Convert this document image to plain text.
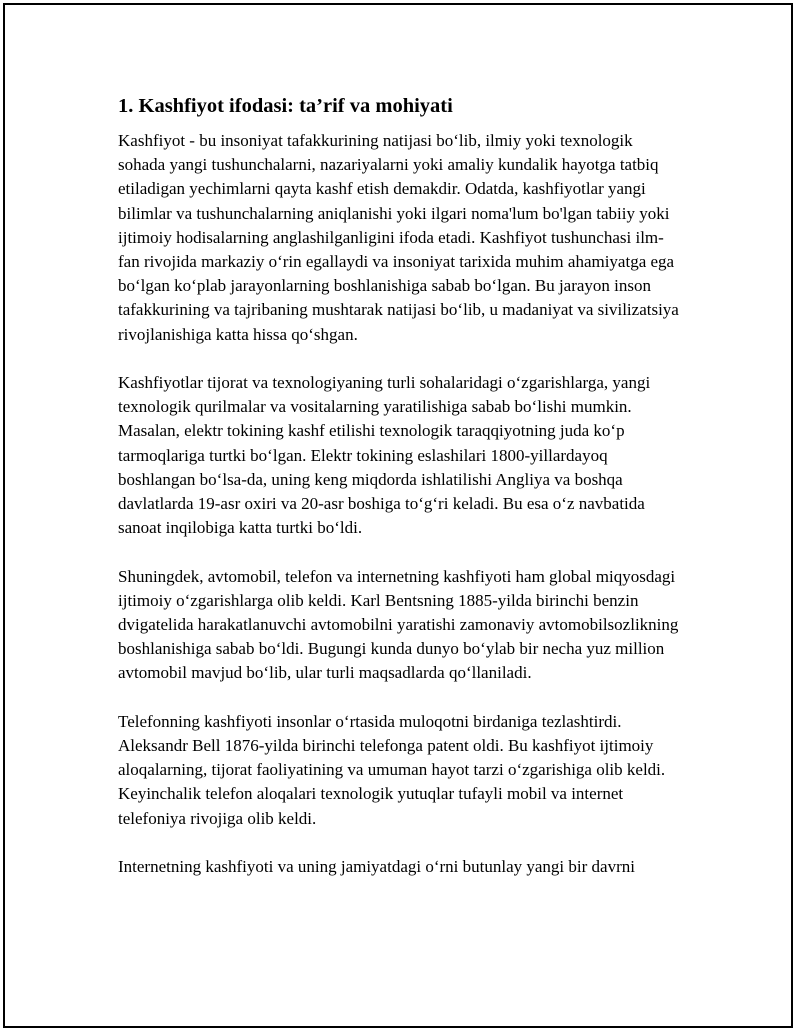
1. Kashfiyot ifodasi: ta’rif va mohiyati

Kashfiyot - bu insoniyat tafakkurining natijasi bo‘lib, ilmiy yoki texnologik sohada yangi tushunchalarni, nazariyalarni yoki amaliy kundalik hayotga tatbiq etiladigan yechimlarni qayta kashf etish demakdir. Odatda, kashfiyotlar yangi bilimlar va tushunchalarning aniqlanishi yoki ilgari noma'lum bo'lgan tabiiy yoki ijtimoiy hodisalarning anglashilganligini ifoda etadi. Kashfiyot tushunchasi ilm-fan rivojida markaziy o‘rin egallaydi va insoniyat tarixida muhim ahamiyatga ega bo‘lgan ko‘plab jarayonlarning boshlanishiga sabab bo‘lgan. Bu jarayon inson tafakkurining va tajribaning mushtarak natijasi bo‘lib, u madaniyat va sivilizatsiya rivojlanishiga katta hissa qo‘shgan.

Kashfiyotlar tijorat va texnologiyaning turli sohalaridagi o‘zgarishlarga, yangi texnologik qurilmalar va vositalarning yaratilishiga sabab bo‘lishi mumkin. Masalan, elektr tokining kashf etilishi texnologik taraqqiyotning juda ko‘p tarmoqlariga turtki bo‘lgan. Elektr tokining eslashilari 1800-yillardayoq boshlangan bo‘lsa-da, uning keng miqdorda ishlatilishi Angliya va boshqa davlatlarda 19-asr oxiri va 20-asr boshiga to‘g‘ri keladi. Bu esa o‘z navbatida sanoat inqilobiga katta turtki bo‘ldi.

Shuningdek, avtomobil, telefon va internetning kashfiyoti ham global miqyosdagi ijtimoiy o‘zgarishlarga olib keldi. Karl Bentsning 1885-yilda birinchi benzin dvigatelida harakatlanuvchi avtomobilni yaratishi zamonaviy avtomobilsozlikning boshlanishiga sabab bo‘ldi. Bugungi kunda dunyo bo‘ylab bir necha yuz million avtomobil mavjud bo‘lib, ular turli maqsadlarda qo‘llaniladi.

Telefonning kashfiyoti insonlar o‘rtasida muloqotni birdaniga tezlashtirdi. Aleksandr Bell 1876-yilda birinchi telefonga patent oldi. Bu kashfiyot ijtimoiy aloqalarning, tijorat faoliyatining va umuman hayot tarzi o‘zgarishiga olib keldi. Keyinchalik telefon aloqalari texnologik yutuqlar tufayli mobil va internet telefoniya rivojiga olib keldi.

Internetning kashfiyoti va uning jamiyatdagi o‘rni butunlay yangi bir davrni
